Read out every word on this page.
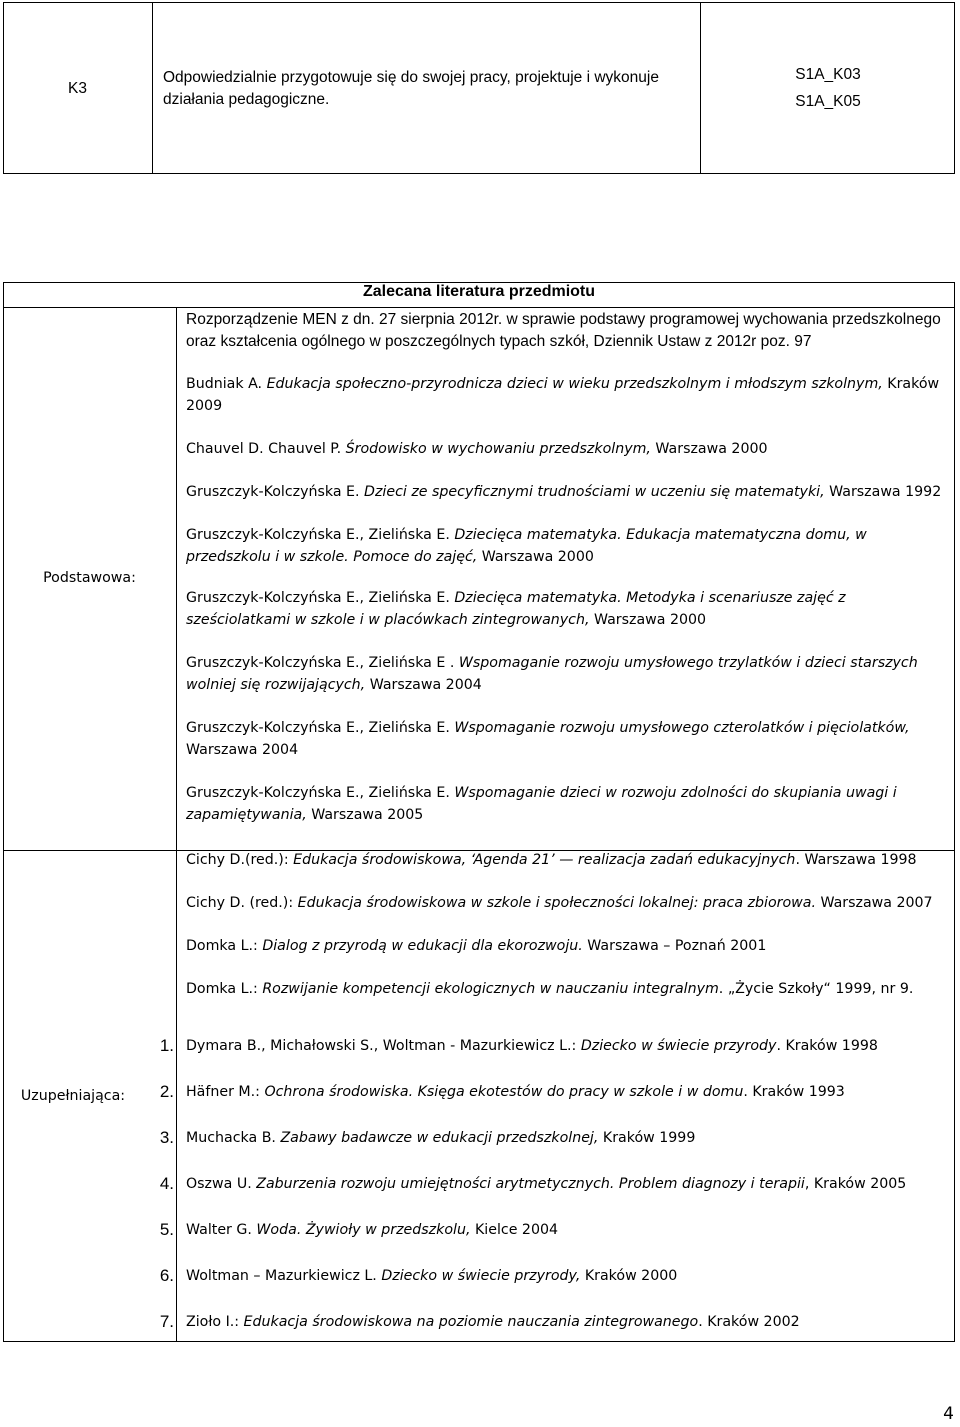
K3
Odpowiedzialnie przygotowuje się do swojej pracy, projektuje i wykonuje działania pedagogiczne.
S1A_K03
S1A_K05
Zalecana literatura przedmiotu
Podstawowa:
Rozporządzenie MEN z dn. 27 sierpnia 2012r. w sprawie podstawy programowej wychowania przedszkolnego oraz kształcenia ogólnego w poszczególnych typach szkół, Dziennik Ustaw z 2012r poz. 97

Budniak A. Edukacja społeczno-przyrodnicza dzieci w wieku przedszkolnym i młodszym szkolnym, Kraków 2009

Chauvel D. Chauvel P. Środowisko w wychowaniu przedszkolnym, Warszawa 2000

Gruszczyk-Kolczyńska E. Dzieci ze specyficznymi trudnościami w uczeniu się matematyki, Warszawa 1992

Gruszczyk-Kolczyńska E., Zielińska E. Dziecięca matematyka. Edukacja matematyczna domu, w przedszkolu i w szkole. Pomoce do zajęć, Warszawa 2000

Gruszczyk-Kolczyńska E., Zielińska E. Dziecięca matematyka. Metodyka i scenariusze zajęć z sześciolatkami w szkole i w placówkach zintegrowanych, Warszawa 2000

Gruszczyk-Kolczyńska E., Zielińska E . Wspomaganie rozwoju umysłowego trzylatków i dzieci starszych wolniej się rozwijających, Warszawa 2004

Gruszczyk-Kolczyńska E., Zielińska E. Wspomaganie rozwoju umysłowego czterolatków i pięciolatków, Warszawa 2004

Gruszczyk-Kolczyńska E., Zielińska E. Wspomaganie dzieci w rozwoju zdolności do skupiania uwagi i zapamiętywania, Warszawa 2005

Cichy D.(red.): Edukacja środowiskowa, ‘Agenda 21’ — realizacja zadań edukacyjnych. Warszawa 1998

Cichy D. (red.): Edukacja środowiskowa w szkole i społeczności lokalnej: praca zbiorowa. Warszawa 2007

Domka L.: Dialog z przyrodą w edukacji dla ekorozwoju. Warszawa – Poznań 2001

Domka L.: Rozwijanie kompetencji ekologicznych w nauczaniu integralnym. „Życie Szkoły“ 1999, nr 9.

Uzupełniająca:
1. Dymara B., Michałowski S., Woltman - Mazurkiewicz L.: Dziecko w świecie przyrody. Kraków 1998
2. Häfner M.: Ochrona środowiska. Księga ekotestów do pracy w szkole i w domu. Kraków 1993
3. Muchacka B. Zabawy badawcze w edukacji przedszkolnej, Kraków 1999
4. Oszwa U. Zaburzenia rozwoju umiejętności arytmetycznych. Problem diagnozy i terapii, Kraków 2005
5. Walter G. Woda. Żywioły w przedszkolu, Kielce 2004
6. Woltman – Mazurkiewicz L. Dziecko w świecie przyrody, Kraków 2000
7. Zioło I.: Edukacja środowiskowa na poziomie nauczania zintegrowanego. Kraków 2002
4
